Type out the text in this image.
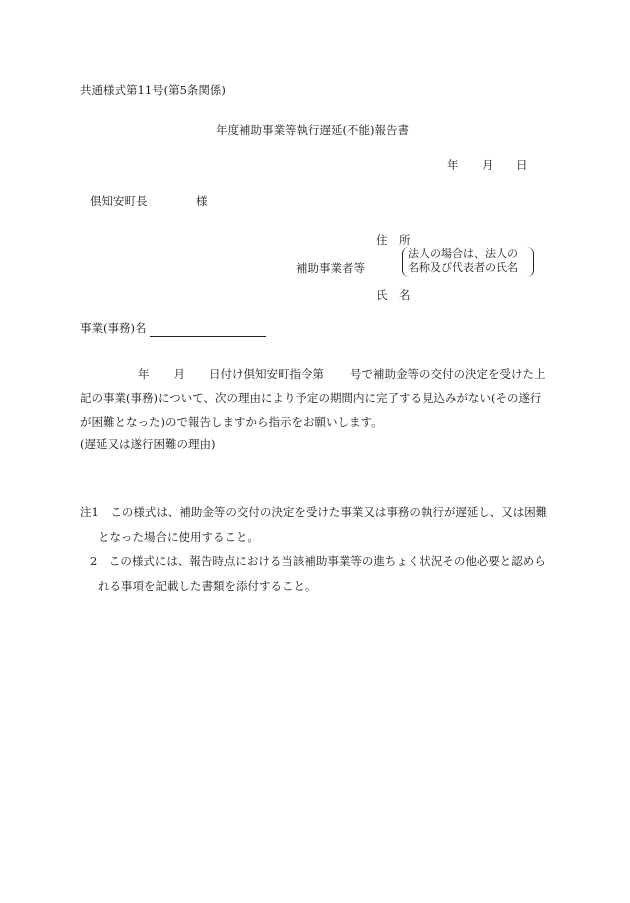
共通様式第11号(第5条関係)
年度補助事業等執行遅延(不能)報告書
年 月 日
倶知安町長	様
住　所
補助事業者等
法人の場合は、法人の
名称及び代表者の氏名
氏　名
事業(事務)名
年 月 日付け倶知安町指令第 号で補助金等の交付の決定を受けた上
記の事業(事務)について、次の理由により予定の期間内に完了する見込みがない(その遂行
が困難となった)ので報告しますから指示をお願いします。
(遅延又は遂行困難の理由)
注1　この様式は、補助金等の交付の決定を受けた事業又は事務の執行が遅延し、又は困難
となった場合に使用すること。
2　この様式には、報告時点における当該補助事業等の進ちょく状況その他必要と認めら
れる事項を記載した書類を添付すること。
